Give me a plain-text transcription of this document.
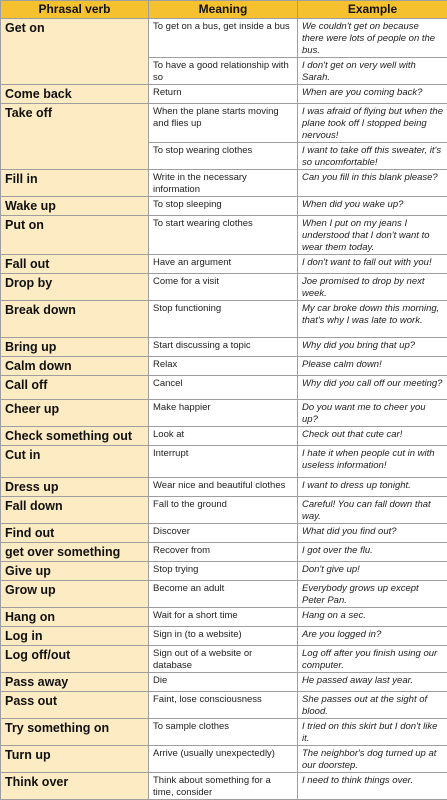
Phrasal verb	Meaning	Example
Get on	To get on a bus, get inside a bus	We couldn't get on because there were lots of people on the bus.
	To have a good relationship with so	I don't get on very well with Sarah.
Come back	Return	When are you coming back?
Take off	When the plane starts moving and flies up	I was afraid of flying but when the plane took off I stopped being nervous!
	To stop wearing clothes	I want to take off this sweater, it's so uncomfortable!
Fill in	Write in the necessary information	Can you fill in this blank please?
Wake up	To stop sleeping	When did you wake up?
Put on	To start wearing clothes	When I put on my jeans I understood that I don't want to wear them today.
Fall out	Have an argument	I don't want to fall out with you!
Drop by	Come for a visit	Joe promised to drop by next week.
Break down	Stop functioning	My car broke down this morning, that's why I was late to work.
Bring up	Start discussing a topic	Why did you bring that up?
Calm down	Relax	Please calm down!
Call off	Cancel	Why did you call off our meeting?
Cheer up	Make happier	Do you want me to cheer you up?
Check something out	Look at	Check out that cute car!
Cut in	Interrupt	I hate it when people cut in with useless information!
Dress up	Wear nice and beautiful clothes	I want to dress up tonight.
Fall down	Fall to the ground	Careful! You can fall down that way.
Find out	Discover	What did you find out?
get over something	Recover from	I got over the flu.
Give up	Stop trying	Don't give up!
Grow up	Become an adult	Everybody grows up except Peter Pan.
Hang on	Wait for a short time	Hang on a sec.
Log in	Sign in (to a website)	Are you logged in?
Log off/out	Sign out of a website or database	Log off after you finish using our computer.
Pass away	Die	He passed away last year.
Pass out	Faint, lose consciousness	She passes out at the sight of blood.
Try something on	To sample clothes	I tried on this skirt but I don't like it.
Turn up	Arrive (usually unexpectedly)	The neighbor's dog turned up at our doorstep.
Think over	Think about something for a time, consider	I need to think things over.
